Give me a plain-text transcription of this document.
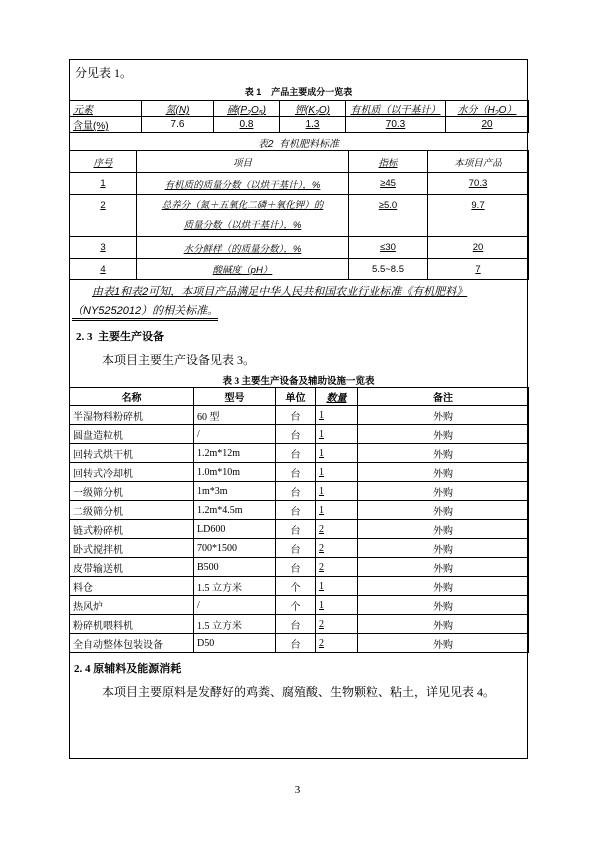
分见表 1。
表 1    产品主要成分一览表
元素	氮(N)	磷$(P_2O_5)$	钾$(K_2O)$	有机质（以干基计）	水分$(H_2O)$
含量(%)	7.6	0.8	1.3	70.3	20
表2  有机肥料标准
序号	项目	指标	本项目产品
1	有机质的质量分数（以烘干基计），%	≥45	70.3
2	总养分（氮＋五氧化二磷＋氧化钾）的
质量分数（以烘干基计），%	≥5.0	9.7
3	水分鲜样（的质量分数），%	≤30	20
4	酸碱度（pH）	5.5~8.5	7
由表1和表2可知，本项目产品满足中华人民共和国农业行业标准《有机肥料》
（NY5252012）的相关标准。
2. 3  主要生产设备
本项目主要生产设备见表 3。
表 3 主要生产设备及辅助设施一览表
名称	型号	单位	数量	备注
半湿物料粉碎机	60 型	台	1	外购
圆盘造粒机	/	台	1	外购
回转式烘干机	1.2m*12m	台	1	外购
回转式冷却机	1.0m*10m	台	1	外购
一级筛分机	1m*3m	台	1	外购
二级筛分机	1.2m*4.5m	台	1	外购
链式粉碎机	LD600	台	2	外购
卧式搅拌机	700*1500	台	2	外购
皮带输送机	B500	台	2	外购
料仓	1.5 立方米	个	1	外购
热风炉	/	个	1	外购
粉碎机喂料机	1.5 立方米	台	2	外购
全自动整体包装设备	D50	台	2	外购
2. 4 原辅料及能源消耗
本项目主要原料是发酵好的鸡粪、腐殖酸、生物颗粒、粘土，详见见表 4。
3
